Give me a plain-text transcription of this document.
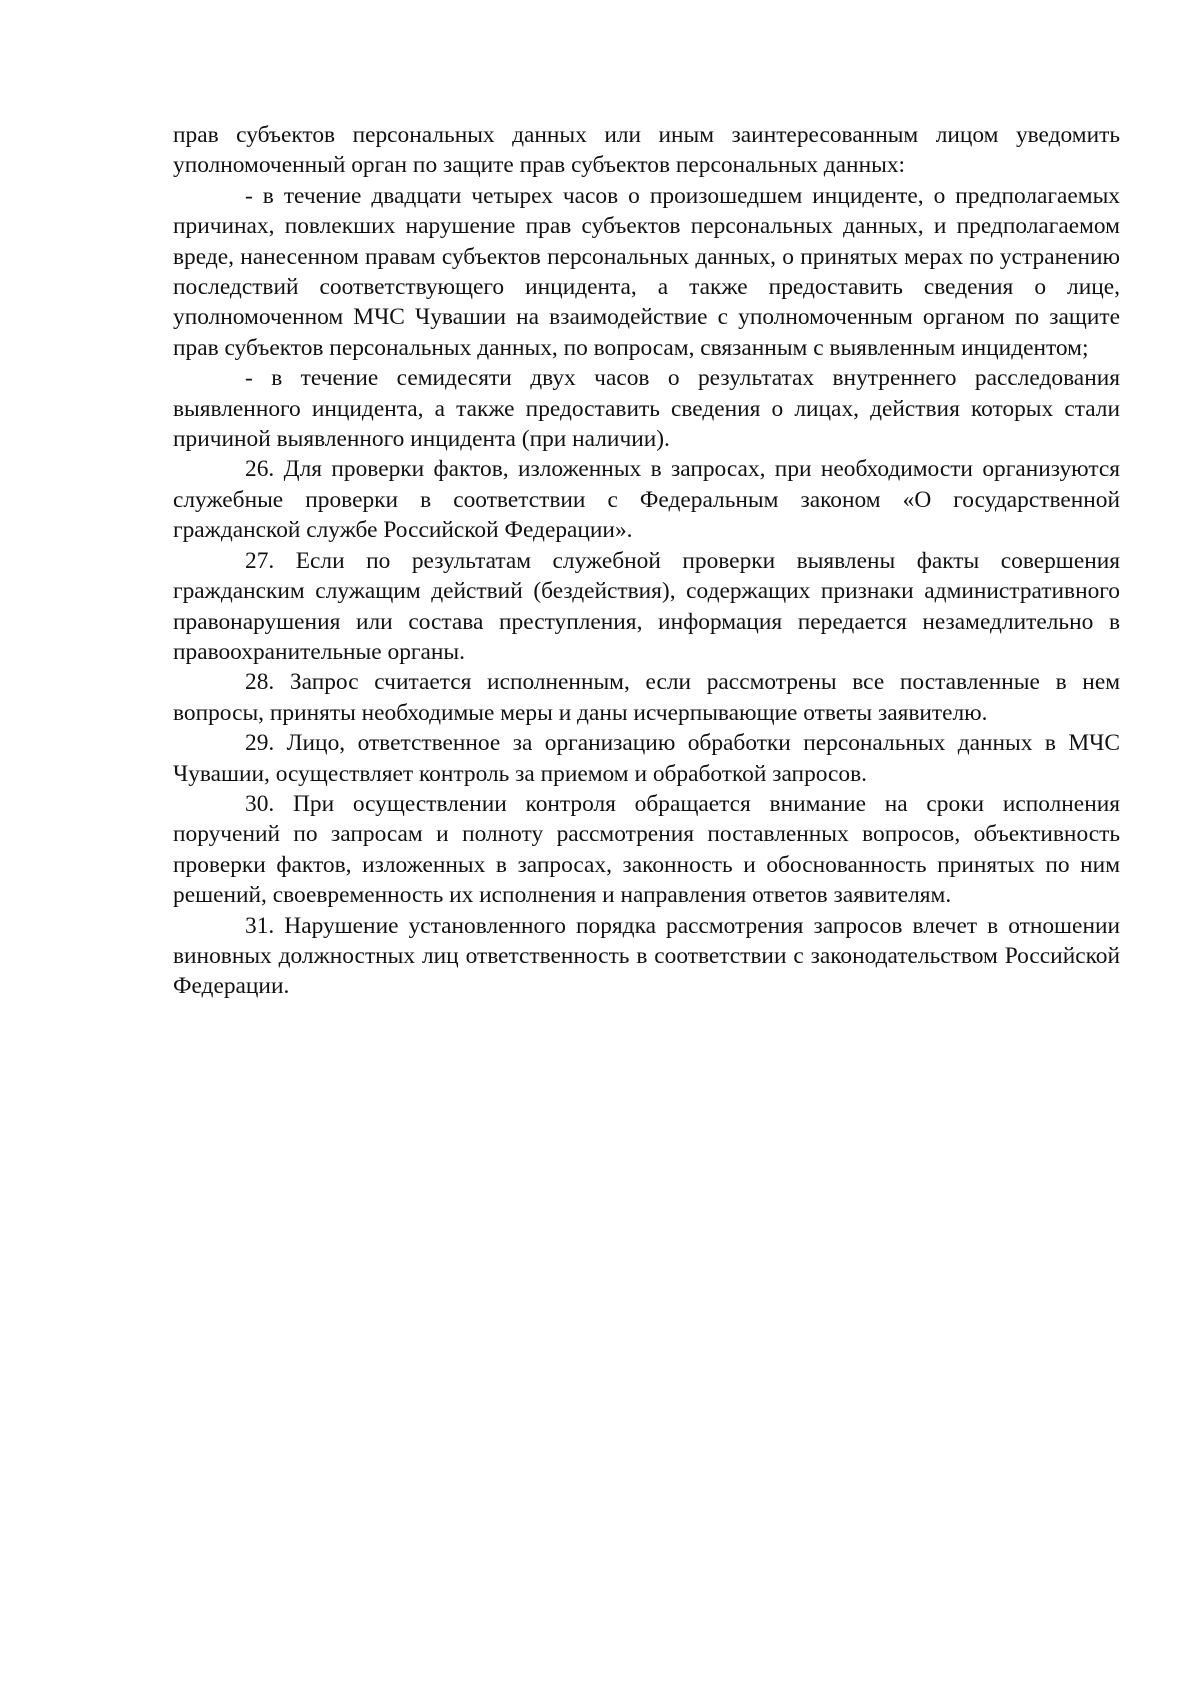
прав субъектов персональных данных или иным заинтересованным лицом уведомить уполномоченный орган по защите прав субъектов персональных данных:

- в течение двадцати четырех часов о произошедшем инциденте, о предполагаемых причинах, повлекших нарушение прав субъектов персональных данных, и предполагаемом вреде, нанесенном правам субъектов персональных данных, о принятых мерах по устранению последствий соответствующего инцидента, а также предоставить сведения о лице, уполномоченном МЧС Чувашии на взаимодействие с уполномоченным органом по защите прав субъектов персональных данных, по вопросам, связанным с выявленным инцидентом;

- в течение семидесяти двух часов о результатах внутреннего расследования выявленного инцидента, а также предоставить сведения о лицах, действия которых стали причиной выявленного инцидента (при наличии).

26. Для проверки фактов, изложенных в запросах, при необходимости организуются служебные проверки в соответствии с Федеральным законом «О государственной гражданской службе Российской Федерации».

27. Если по результатам служебной проверки выявлены факты совершения гражданским служащим действий (бездействия), содержащих признаки административного правонарушения или состава преступления, информация передается незамедлительно в правоохранительные органы.

28. Запрос считается исполненным, если рассмотрены все поставленные в нем вопросы, приняты необходимые меры и даны исчерпывающие ответы заявителю.

29. Лицо, ответственное за организацию обработки персональных данных в МЧС Чувашии, осуществляет контроль за приемом и обработкой запросов.

30. При осуществлении контроля обращается внимание на сроки исполнения поручений по запросам и полноту рассмотрения поставленных вопросов, объективность проверки фактов, изложенных в запросах, законность и обоснованность принятых по ним решений, своевременность их исполнения и направления ответов заявителям.

31. Нарушение установленного порядка рассмотрения запросов влечет в отношении виновных должностных лиц ответственность в соответствии с законодательством Российской Федерации.
